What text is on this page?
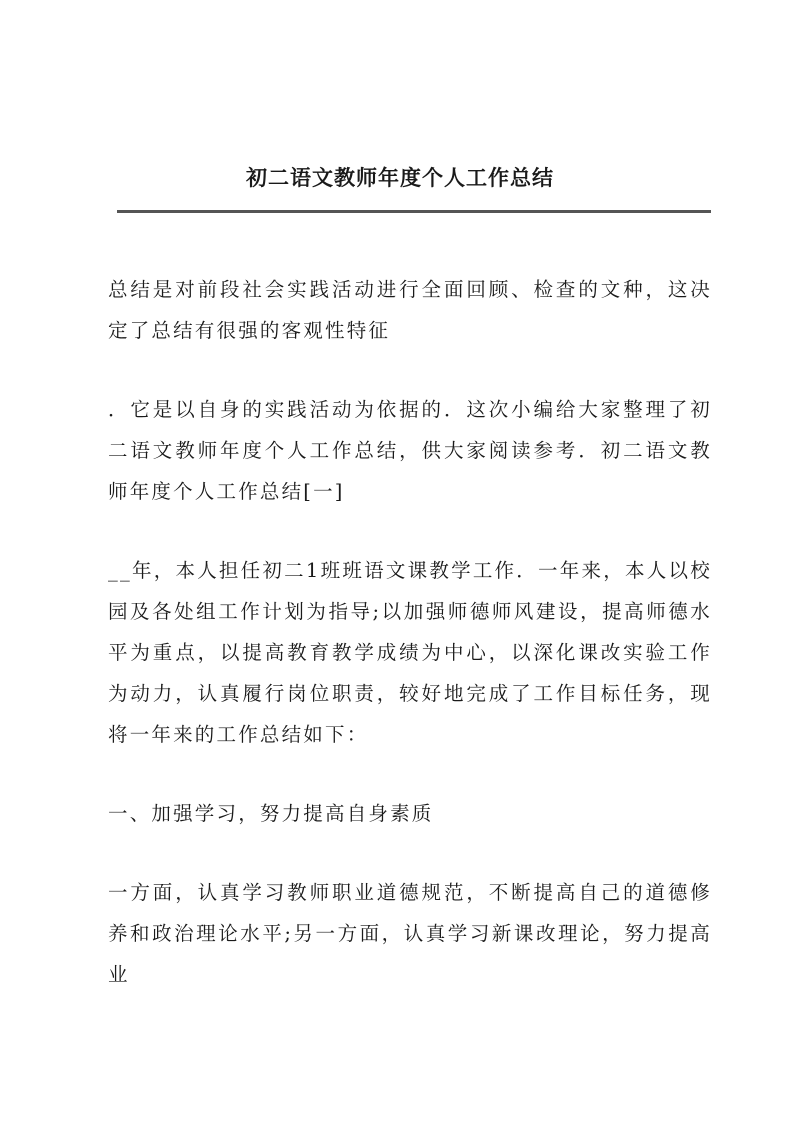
初二语文教师年度个人工作总结

总结是对前段社会实践活动进行全面回顾、检查的文种，这决定了总结有很强的客观性特征

．它是以自身的实践活动为依据的．这次小编给大家整理了初二语文教师年度个人工作总结，供大家阅读参考．初二语文教师年度个人工作总结[一]

__年，本人担任初二1班班语文课教学工作．一年来，本人以校园及各处组工作计划为指导;以加强师德师风建设，提高师德水平为重点，以提高教育教学成绩为中心，以深化课改实验工作为动力，认真履行岗位职责，较好地完成了工作目标任务，现将一年来的工作总结如下：

一、加强学习，努力提高自身素质

一方面，认真学习教师职业道德规范，不断提高自己的道德修养和政治理论水平;另一方面，认真学习新课改理论，努力提高业
